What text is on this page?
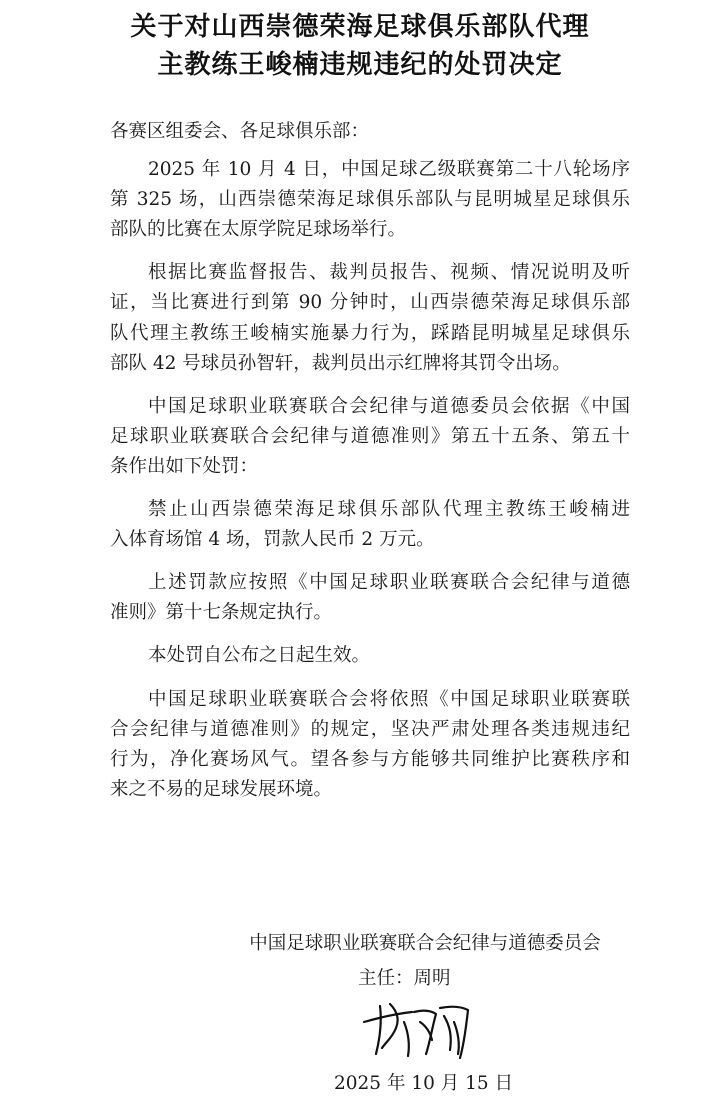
关于对山西崇德荣海足球俱乐部队代理
主教练王峻楠违规违纪的处罚决定
各赛区组委会、各足球俱乐部：
2025 年 10 月 4 日，中国足球乙级联赛第二十八轮场序
第 325 场，山西崇德荣海足球俱乐部队与昆明城星足球俱乐
部队的比赛在太原学院足球场举行。
根据比赛监督报告、裁判员报告、视频、情况说明及听
证，当比赛进行到第 90 分钟时，山西崇德荣海足球俱乐部
队代理主教练王峻楠实施暴力行为，踩踏昆明城星足球俱乐
部队 42 号球员孙智轩，裁判员出示红牌将其罚令出场。
中国足球职业联赛联合会纪律与道德委员会依据《中国
足球职业联赛联合会纪律与道德准则》第五十五条、第五十
条作出如下处罚：
禁止山西崇德荣海足球俱乐部队代理主教练王峻楠进
入体育场馆 4 场，罚款人民币 2 万元。
上述罚款应按照《中国足球职业联赛联合会纪律与道德
准则》第十七条规定执行。
本处罚自公布之日起生效。
中国足球职业联赛联合会将依照《中国足球职业联赛联
合会纪律与道德准则》的规定，坚决严肃处理各类违规违纪
行为，净化赛场风气。望各参与方能够共同维护比赛秩序和
来之不易的足球发展环境。
中国足球职业联赛联合会纪律与道德委员会
主任：周明
2025 年 10 月 15 日
